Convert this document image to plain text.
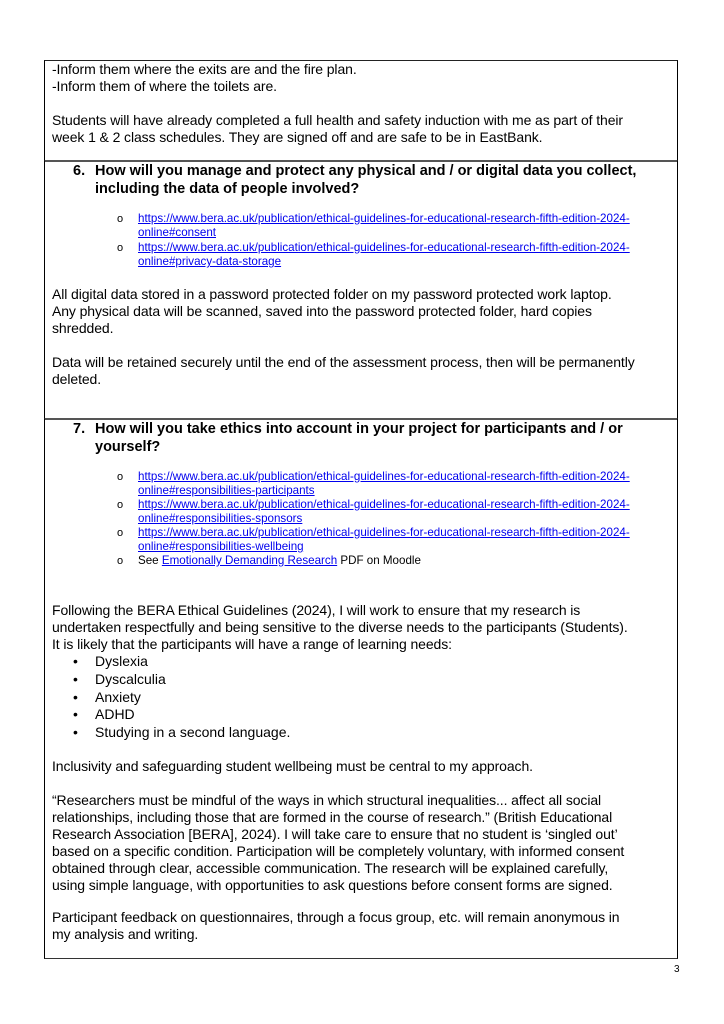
-Inform them where the exits are and the fire plan.
-Inform them of where the toilets are.
Students will have already completed a full health and safety induction with me as part of their
week 1 & 2 class schedules. They are signed off and are safe to be in EastBank.
6. How will you manage and protect any physical and / or digital data you collect,
including the data of people involved?
o https://www.bera.ac.uk/publication/ethical-guidelines-for-educational-research-fifth-edition-2024-
online#consent
o https://www.bera.ac.uk/publication/ethical-guidelines-for-educational-research-fifth-edition-2024-
online#privacy-data-storage
All digital data stored in a password protected folder on my password protected work laptop.
Any physical data will be scanned, saved into the password protected folder, hard copies
shredded.
Data will be retained securely until the end of the assessment process, then will be permanently
deleted.
7. How will you take ethics into account in your project for participants and / or
yourself?
o https://www.bera.ac.uk/publication/ethical-guidelines-for-educational-research-fifth-edition-2024-
online#responsibilities-participants
o https://www.bera.ac.uk/publication/ethical-guidelines-for-educational-research-fifth-edition-2024-
online#responsibilities-sponsors
o https://www.bera.ac.uk/publication/ethical-guidelines-for-educational-research-fifth-edition-2024-
online#responsibilities-wellbeing
o See Emotionally Demanding Research PDF on Moodle
Following the BERA Ethical Guidelines (2024), I will work to ensure that my research is
undertaken respectfully and being sensitive to the diverse needs to the participants (Students).
It is likely that the participants will have a range of learning needs:
• Dyslexia
• Dyscalculia
• Anxiety
• ADHD
• Studying in a second language.
Inclusivity and safeguarding student wellbeing must be central to my approach.
“Researchers must be mindful of the ways in which structural inequalities... affect all social
relationships, including those that are formed in the course of research.” (British Educational
Research Association [BERA], 2024). I will take care to ensure that no student is ‘singled out’
based on a specific condition. Participation will be completely voluntary, with informed consent
obtained through clear, accessible communication. The research will be explained carefully,
using simple language, with opportunities to ask questions before consent forms are signed.
Participant feedback on questionnaires, through a focus group, etc. will remain anonymous in
my analysis and writing.
3
